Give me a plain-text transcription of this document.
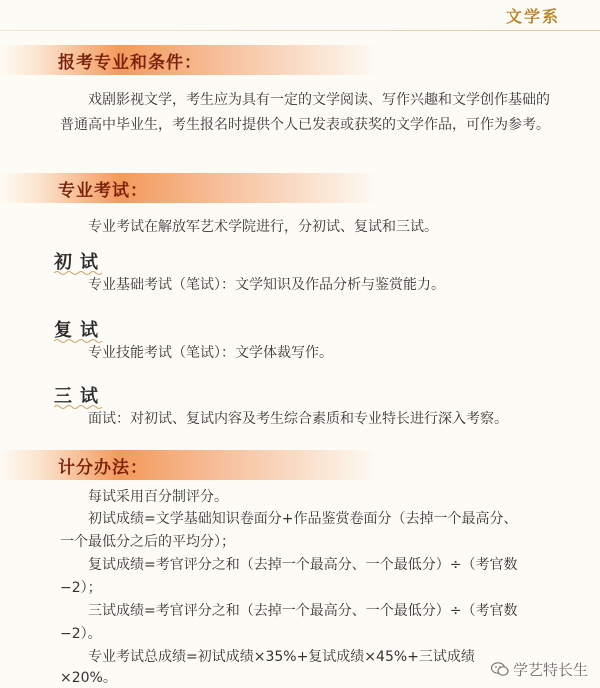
文学系
报考专业和条件：
戏剧影视文学，考生应为具有一定的文学阅读、写作兴趣和文学创作基础的普通高中毕业生，考生报名时提供个人已发表或获奖的文学作品，可作为参考。
专业考试：
专业考试在解放军艺术学院进行，分初试、复试和三试。
初试
专业基础考试（笔试）：文学知识及作品分析与鉴赏能力。
复试
专业技能考试（笔试）：文学体裁写作。
三试
面试：对初试、复试内容及考生综合素质和专业特长进行深入考察。
计分办法：
每试采用百分制评分。
初试成绩=文学基础知识卷面分+作品鉴赏卷面分（去掉一个最高分、
一个最低分之后的平均分）；
复试成绩=考官评分之和（去掉一个最高分、一个最低分）÷（考官数
−2）；
三试成绩=考官评分之和（去掉一个最高分、一个最低分）÷（考官数
−2）。
专业考试总成绩=初试成绩×35%+复试成绩×45%+三试成绩
×20%。	学艺特长生
